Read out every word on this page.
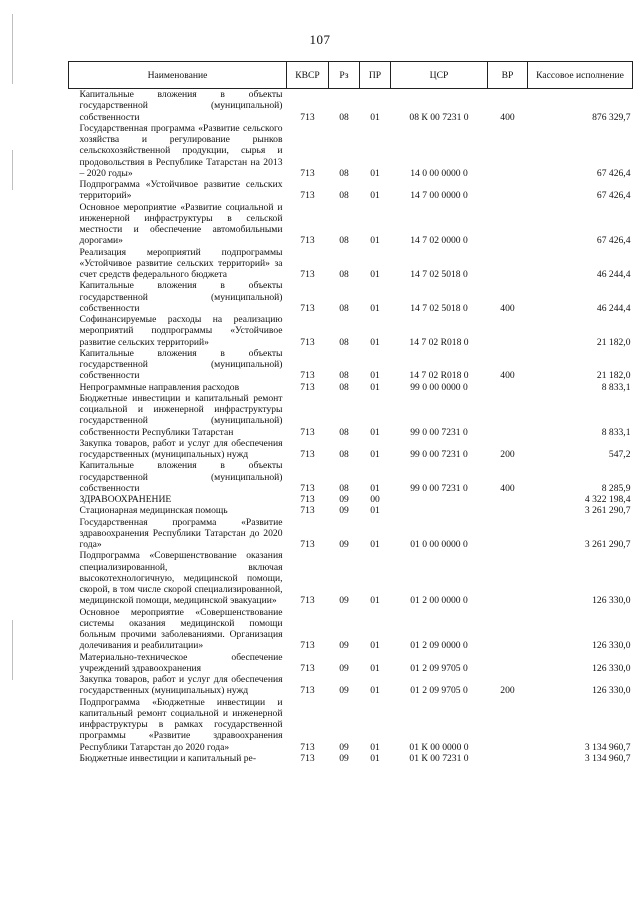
107
Наименование	КВСР	Рз	ПР	ЦСР	ВР	Кассовое исполнение
Капитальные вложения в объекты государственной (муниципальной) собственности	713	08	01	08 К 00 7231 0	400	876 329,7
Государственная программа «Развитие сельского хозяйства и регулирование рынков сельскохозяйственной продукции, сырья и продовольствия в Республике Татарстан на 2013 – 2020 годы»	713	08	01	14 0 00 0000 0		67 426,4
Подпрограмма «Устойчивое развитие сельских территорий»	713	08	01	14 7 00 0000 0		67 426,4
Основное мероприятие «Развитие социальной и инженерной инфраструктуры в сельской местности и обеспечение автомобильными дорогами»	713	08	01	14 7 02 0000 0		67 426,4
Реализация мероприятий подпрограммы «Устойчивое развитие сельских территорий» за счет средств федерального бюджета	713	08	01	14 7 02 5018 0		46 244,4
Капитальные вложения в объекты государственной (муниципальной) собственности	713	08	01	14 7 02 5018 0	400	46 244,4
Софинансируемые расходы на реализацию мероприятий подпрограммы «Устойчивое развитие сельских территорий»	713	08	01	14 7 02 R018 0		21 182,0
Капитальные вложения в объекты государственной (муниципальной) собственности	713	08	01	14 7 02 R018 0	400	21 182,0
Непрограммные направления расходов	713	08	01	99 0 00 0000 0		8 833,1
Бюджетные инвестиции и капитальный ремонт социальной и инженерной инфраструктуры государственной (муниципальной) собственности Республики Татарстан	713	08	01	99 0 00 7231 0		8 833,1
Закупка товаров, работ и услуг для обеспечения государственных (муниципальных) нужд	713	08	01	99 0 00 7231 0	200	547,2
Капитальные вложения в объекты государственной (муниципальной) собственности	713	08	01	99 0 00 7231 0	400	8 285,9
ЗДРАВООХРАНЕНИЕ	713	09	00			4 322 198,4
Стационарная медицинская помощь	713	09	01			3 261 290,7
Государственная программа «Развитие здравоохранения Республики Татарстан до 2020 года»	713	09	01	01 0 00 0000 0		3 261 290,7
Подпрограмма «Совершенствование оказания специализированной, включая высокотехнологичную, медицинской помощи, скорой, в том числе скорой специализированной, медицинской помощи, медицинской эвакуации»	713	09	01	01 2 00 0000 0		126 330,0
Основное мероприятие «Совершенствование системы оказания медицинской помощи больным прочими заболеваниями. Организация долечивания и реабилитации»	713	09	01	01 2 09 0000 0		126 330,0
Материально-техническое обеспечение учреждений здравоохранения	713	09	01	01 2 09 9705 0		126 330,0
Закупка товаров, работ и услуг для обеспечения государственных (муниципальных) нужд	713	09	01	01 2 09 9705 0	200	126 330,0
Подпрограмма «Бюджетные инвестиции и капитальный ремонт социальной и инженерной инфраструктуры в рамках государственной программы «Развитие здравоохранения Республики Татарстан до 2020 года»	713	09	01	01 К 00 0000 0		3 134 960,7
Бюджетные инвестиции и капитальный ре-	713	09	01	01 К 00 7231 0		3 134 960,7
